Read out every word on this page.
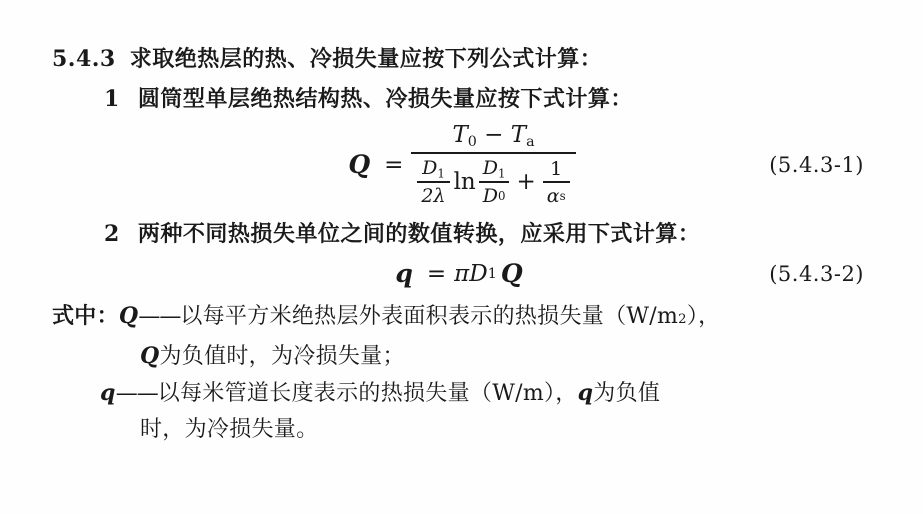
5.4.3 求取绝热层的热、冷损失量应按下列公式计算：
1 圆筒型单层绝热结构热、冷损失量应按下式计算：
Q =
$T_0 - T_a$
$\frac{D_1}{2\lambda}$ $\ln \frac{D_1}{D 0} + \frac{1}{\text{α s}}$	(5.4.3-1)
2 两种不同热损失单位之间的数值转换，应采用下式计算：
q = π D 1 Q	(5.4.3-2)
式中： Q —— 以每平方米绝热层外表面积表示的热损失量（W/m 2 ），
Q 为负值时，为冷损失量；
q —— 以每米管道长度表示的热损失量（W/m）， q 为负值
时，为冷损失量。
